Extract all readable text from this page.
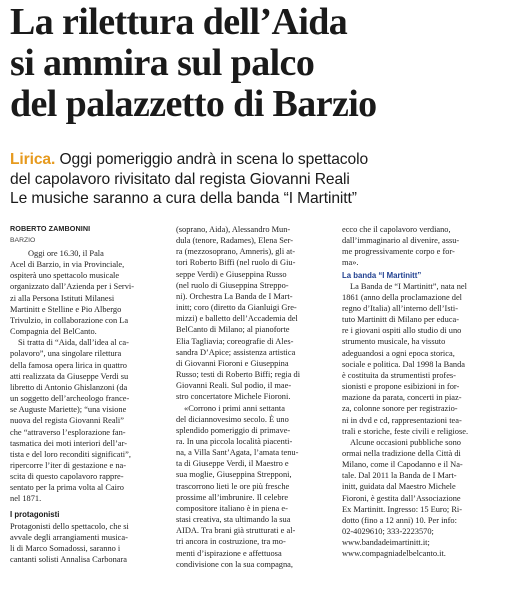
La rilettura dell’Aida
si ammira sul palco
del palazzetto di Barzio
Lirica. Oggi pomeriggio andrà in scena lo spettacolo
del capolavoro rivisitato dal regista Giovanni Reali
Le musiche saranno a cura della banda “I Martinitt”
ROBERTO ZAMBONINI
BARZIO
Oggi ore 16.30, il Pala
Acel di Barzio, in via Provinciale,
ospiterà uno spettacolo musicale
organizzato dall’Azienda per i Servi-
zi alla Persona Istituti Milanesi
Martinitt e Stelline e Pio Albergo
Trivulzio, in collaborazione con La
Compagnia del BelCanto.
Si tratta di “Aida, dall’idea al ca-
polavoro”, una singolare rilettura
della famosa opera lirica in quattro
atti realizzata da Giuseppe Verdi su
libretto di Antonio Ghislanzoni (da
un soggetto dell’archeologo france-
se Auguste Mariette); “una visione
nuova del regista Giovanni Reali”
che “attraverso l’esplorazione fan-
tasmatica dei moti interiori dell’ar-
tista e del loro reconditi significati”,
ripercorre l’iter di gestazione e na-
scita di questo capolavoro rappre-
sentato per la prima volta al Cairo
nel 1871.
I protagonisti
Protagonisti dello spettacolo, che si
avvale degli arrangiamenti musica-
li di Marco Somadossi, saranno i
cantanti solisti Annalisa Carbonara
(soprano, Aida), Alessandro Mun-
dula (tenore, Radames), Elena Ser-
ra (mezzosoprano, Amneris), gli at-
tori Roberto Biffi (nel ruolo di Giu-
seppe Verdi) e Giuseppina Russo
(nel ruolo di Giuseppina Streppo-
ni). Orchestra La Banda de I Mart-
initt; coro (diretto da Gianluigi Gre-
mizzi) e balletto dell’Accademia del
BelCanto di Milano; al pianoforte
Elia Tagliavia; coreografie di Ales-
sandra D’Apice; assistenza artistica
di Giovanni Fioroni e Giuseppina
Russo; testi di Roberto Biffi; regia di
Giovanni Reali. Sul podio, il mae-
stro concertatore Michele Fioroni.
«Corrono i primi anni settanta
del diciannovesimo secolo. È uno
splendido pomeriggio di primave-
ra. In una piccola località piacenti-
na, a Villa Sant’Agata, l’amata tenu-
ta di Giuseppe Verdi, il Maestro e
sua moglie, Giuseppina Strepponi,
trascorrono lieti le ore più fresche
prossime all’imbrunire. Il celebre
compositore italiano è in piena e-
stasi creativa, sta ultimando la sua
AIDA. Tra brani già strutturati e al-
tri ancora in costruzione, tra mo-
menti d’ispirazione e affettuosa
condivisione con la sua compagna,
ecco che il capolavoro verdiano,
dall’immaginario al divenire, assu-
me progressivamente corpo e for-
ma».
La banda “I Martinitt”
La Banda de “I Martinitt”, nata nel
1861 (anno della proclamazione del
regno d’Italia) all’interno dell’Isti-
tuto Martinitt di Milano per educa-
re i giovani ospiti allo studio di uno
strumento musicale, ha vissuto
adeguandosi a ogni epoca storica,
sociale e politica. Dal 1998 la Banda
è costituita da strumentisti profes-
sionisti e propone esibizioni in for-
mazione da parata, concerti in piaz-
za, colonne sonore per registrazio-
ni in dvd e cd, rappresentazioni tea-
trali e storiche, feste civili e religiose.
Alcune occasioni pubbliche sono
ormai nella tradizione della Città di
Milano, come il Capodanno e il Na-
tale. Dal 2011 la Banda de I Mart-
initt, guidata dal Maestro Michele
Fioroni, è gestita dall’Associazione
Ex Martinitt. Ingresso: 15 Euro; Ri-
dotto (fino a 12 anni) 10. Per info:
02-4029610; 333-2223570;
www.bandadeimartinitt.it;
www.compagniadelbelcanto.it.
